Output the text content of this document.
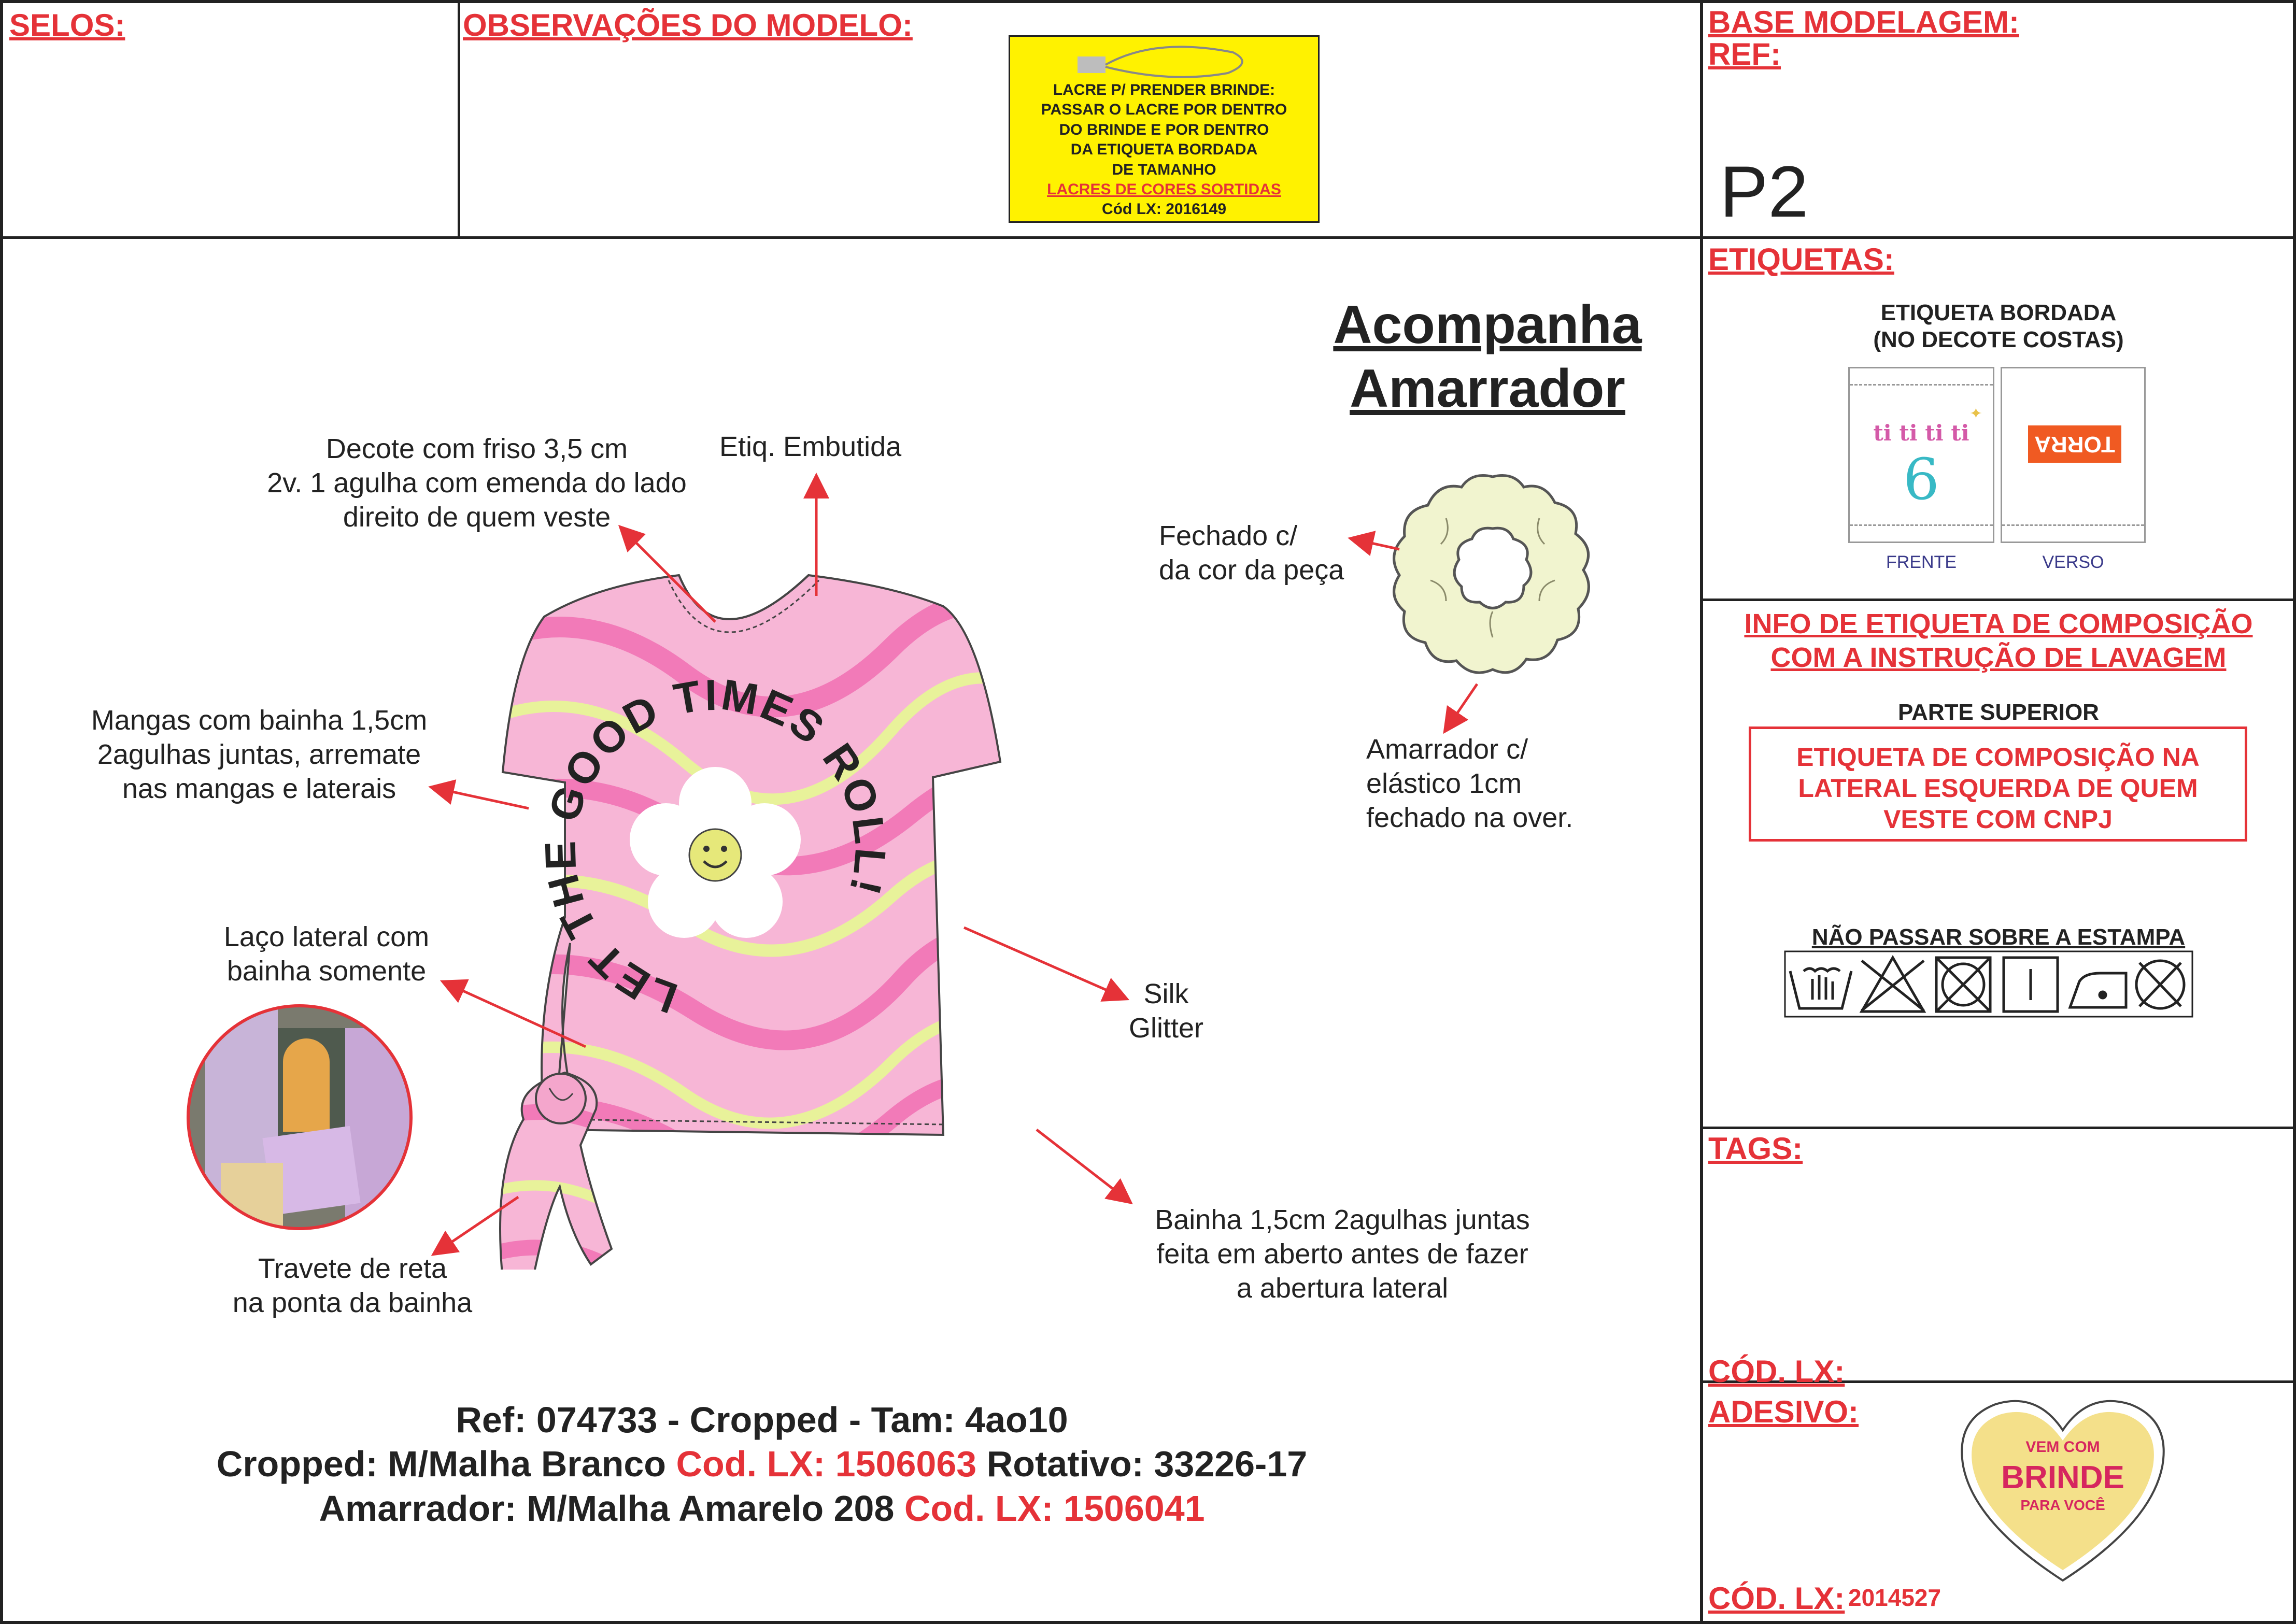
SELOS:	OBSERVAÇÕES DO MODELO:	BASE MODELAGEM:
REF:
P2
ETIQUETAS:
TAGS:
CÓD. LX:
ADESIVO:
CÓD. LX: 2014527
LACRE P/ PRENDER BRINDE:
PASSAR O LACRE POR DENTRO
DO BRINDE E POR DENTRO
DA ETIQUETA BORDADA
DE TAMANHO
LACRES DE CORES SORTIDAS
Cód LX: 2016149
ETIQUETA BORDADA
(NO DECOTE COSTAS)
ti ti ti ti
6
✦
TORRA
FRENTE	VERSO
INFO DE ETIQUETA DE COMPOSIÇÃO
COM A INSTRUÇÃO DE LAVAGEM
PARTE SUPERIOR
ETIQUETA DE COMPOSIÇÃO NA
LATERAL ESQUERDA DE QUEM
VESTE COM CNPJ
NÃO PASSAR SOBRE A ESTAMPA
Acompanha
Amarrador
Decote com friso 3,5 cm
2v. 1 agulha com emenda do lado
direito de quem veste
Etiq. Embutida
Fechado c/
da cor da peça
Mangas com bainha 1,5cm
2agulhas juntas, arremate
nas mangas e laterais
Amarrador c/
elástico 1cm
fechado na over.
Laço lateral com
bainha somente
Silk
Glitter
Travete de reta
na ponta da bainha
Bainha 1,5cm 2agulhas juntas
feita em aberto antes de fazer
a abertura lateral
LET THE GOOD TIMES ROLL!
Ref: 074733 - Cropped - Tam: 4ao10
Cropped: M/Malha Branco Cod. LX: 1506063 Rotativo: 33226-17
Amarrador: M/Malha Amarelo 208 Cod. LX: 1506041
VEM COM
BRINDE
PARA VOCÊ
